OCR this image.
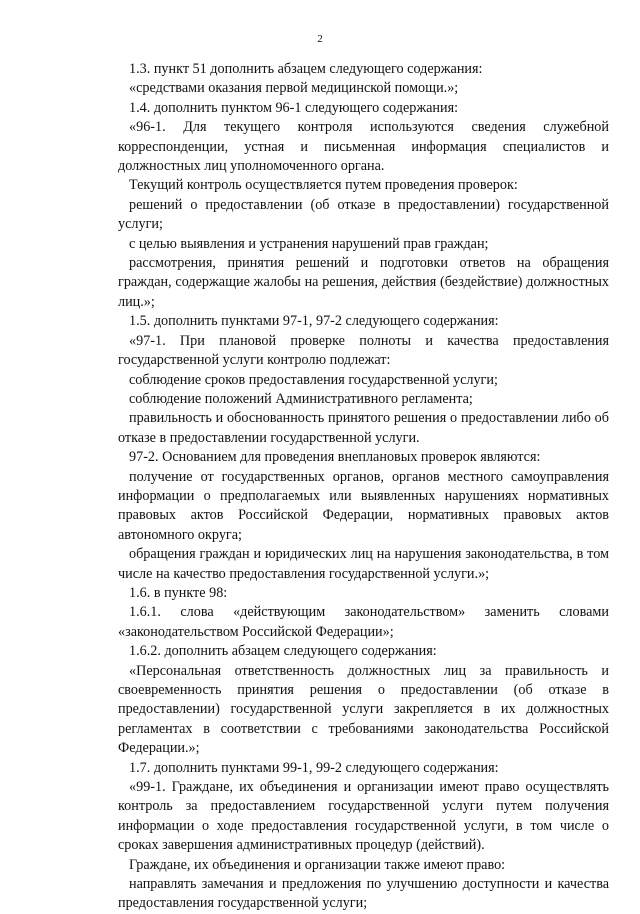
2

1.3. пункт 51 дополнить абзацем следующего содержания:

«средствами оказания первой медицинской помощи.»;

1.4. дополнить пунктом 96-1 следующего содержания:

«96-1. Для текущего контроля используются сведения служебной корреспонденции, устная и письменная информация специалистов и должностных лиц уполномоченного органа.

Текущий контроль осуществляется путем проведения проверок:

решений о предоставлении (об отказе в предоставлении) государственной услуги;

с целью выявления и устранения нарушений прав граждан;

рассмотрения, принятия решений и подготовки ответов на обращения граждан, содержащие жалобы на решения, действия (бездействие) должностных лиц.»;

1.5. дополнить пунктами 97-1, 97-2 следующего содержания:

«97-1. При плановой проверке полноты и качества предоставления государственной услуги контролю подлежат:

соблюдение сроков предоставления государственной услуги;

соблюдение положений Административного регламента;

правильность и обоснованность принятого решения о предоставлении либо об отказе в предоставлении государственной услуги.

97-2. Основанием для проведения внеплановых проверок являются:

получение от государственных органов, органов местного самоуправления информации о предполагаемых или выявленных нарушениях нормативных правовых актов Российской Федерации, нормативных правовых актов автономного округа;

обращения граждан и юридических лиц на нарушения законодательства, в том числе на качество предоставления государственной услуги.»;

1.6. в пункте 98:

1.6.1. слова «действующим законодательством» заменить словами «законодательством Российской Федерации»;

1.6.2. дополнить абзацем следующего содержания:

«Персональная ответственность должностных лиц за правильность и своевременность принятия решения о предоставлении (об отказе в предоставлении) государственной услуги закрепляется в их должностных регламентах в соответствии с требованиями законодательства Российской Федерации.»;

1.7. дополнить пунктами 99-1, 99-2 следующего содержания:

«99-1. Граждане, их объединения и организации имеют право осуществлять контроль за предоставлением государственной услуги путем получения информации о ходе предоставления государственной услуги, в том числе о сроках завершения административных процедур (действий).

Граждане, их объединения и организации также имеют право:

направлять замечания и предложения по улучшению доступности и качества предоставления государственной услуги;
